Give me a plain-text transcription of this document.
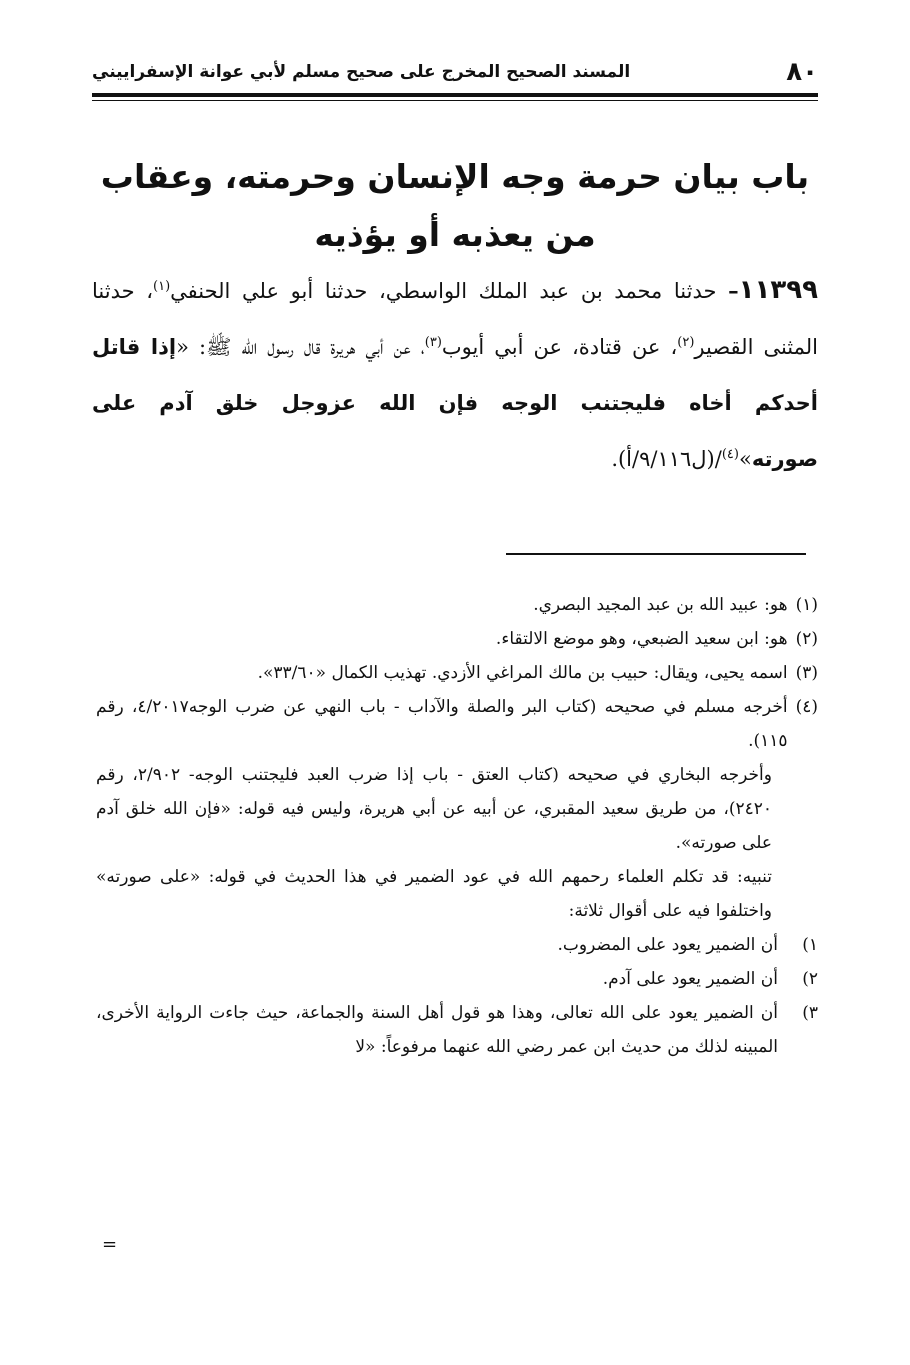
٨٠
المسند الصحيح المخرج على صحيح مسلم لأبي عوانة الإسفراييني
باب بيان حرمة وجه الإنسان وحرمته، وعقاب من يعذبه أو يؤذيه
١١٣٩٩– حدثنا محمد بن عبد الملك الواسطي، حدثنا أبو علي الحنفي$^{(١)}$، حدثنا المثنى القصير$^{(٢)}$، عن قتادة، عن أبي أيوب$^{(٣)}$، عن أبي هريرة قال رسول الله ﷺ: «إذا قاتل أحدكم أخاه فليجتنب الوجه فإن الله عزوجل خلق آدم على صورته»$^{(٤)}$/(ل٩/١١٦/أ).
(١)
هو: عبيد الله بن عبد المجيد البصري.
(٢)
هو: ابن سعيد الضبعي، وهو موضع الالتقاء.
(٣)
اسمه يحيى، ويقال: حبيب بن مالك المراغي الأزدي. تهذيب الكمال «٣٣/٦٠».
(٤)
أخرجه مسلم في صحيحه (كتاب البر والصلة والآداب - باب النهي عن ضرب الوجه٤/٢٠١٧، رقم ١١٥).
وأخرجه البخاري في صحيحه (كتاب العتق - باب إذا ضرب العبد فليجتنب الوجه- ٢/٩٠٢، رقم ٢٤٢٠)، من طريق سعيد المقبري، عن أبيه عن أبي هريرة، وليس فيه قوله: «فإن الله خلق آدم على صورته».
تنبيه: قد تكلم العلماء رحمهم الله في عود الضمير في هذا الحديث في قوله: «على صورته» واختلفوا فيه على أقوال ثلاثة:
١)
أن الضمير يعود على المضروب.
٢)
أن الضمير يعود على آدم.
٣)
أن الضمير يعود على الله تعالى، وهذا هو قول أهل السنة والجماعة، حيث جاءت الرواية الأخرى، المبينه لذلك من حديث ابن عمر رضي الله عنهما مرفوعاً: «لا
=
